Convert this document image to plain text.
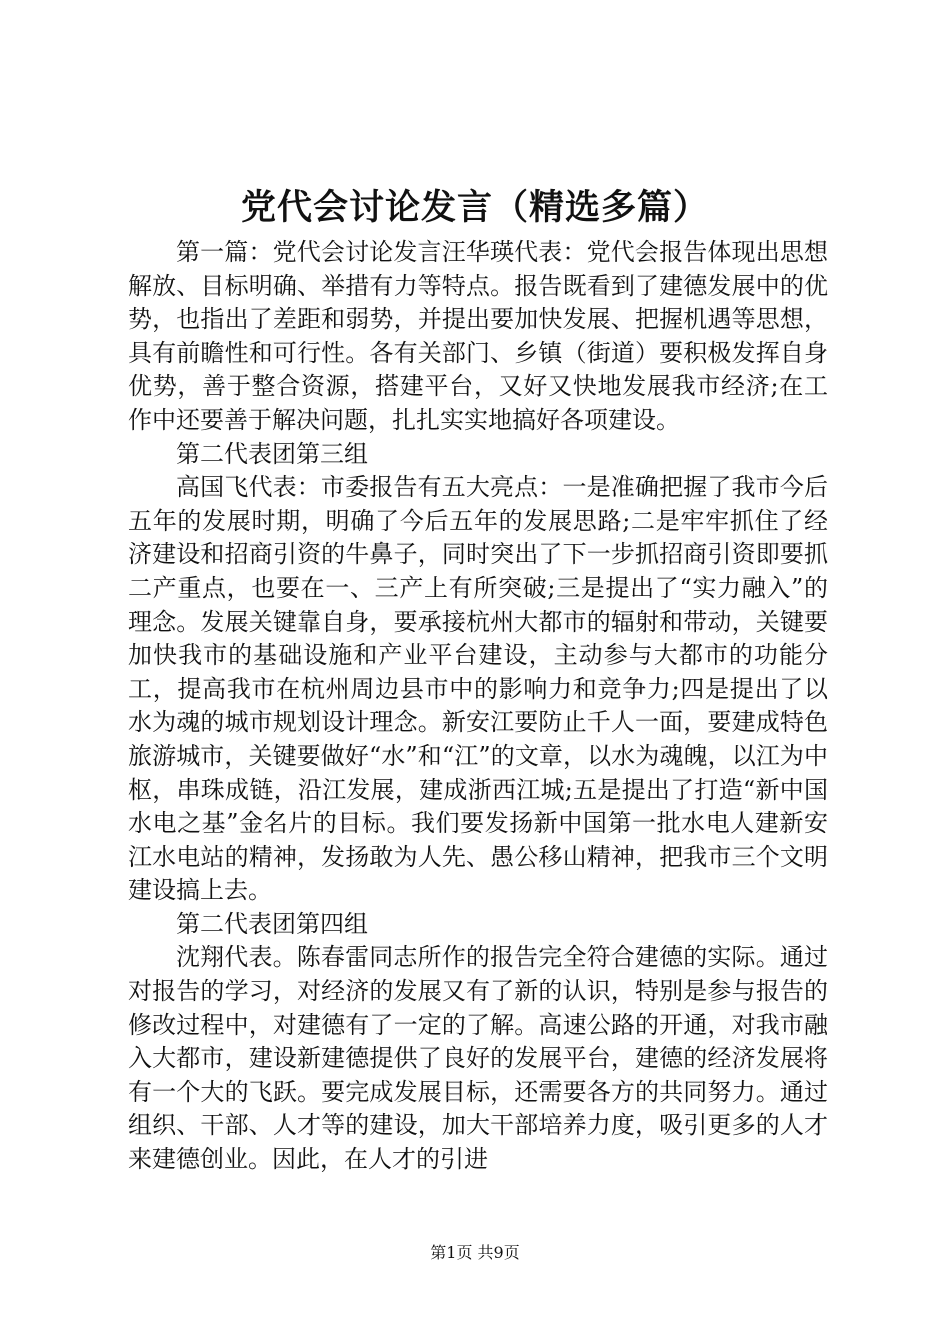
党代会讨论发言（精选多篇）

第一篇：党代会讨论发言汪华瑛代表：党代会报告体现出思想解放、目标明确、举措有力等特点。报告既看到了建德发展中的优势，也指出了差距和弱势，并提出要加快发展、把握机遇等思想，具有前瞻性和可行性。各有关部门、乡镇（街道）要积极发挥自身优势，善于整合资源，搭建平台，又好又快地发展我市经济;在工作中还要善于解决问题，扎扎实实地搞好各项建设。

第二代表团第三组

高国飞代表：市委报告有五大亮点：一是准确把握了我市今后五年的发展时期，明确了今后五年的发展思路;二是牢牢抓住了经济建设和招商引资的牛鼻子，同时突出了下一步抓招商引资即要抓二产重点，也要在一、三产上有所突破;三是提出了“实力融入”的理念。发展关键靠自身，要承接杭州大都市的辐射和带动，关键要加快我市的基础设施和产业平台建设，主动参与大都市的功能分工，提高我市在杭州周边县市中的影响力和竞争力;四是提出了以水为魂的城市规划设计理念。新安江要防止千人一面，要建成特色旅游城市，关键要做好“水”和“江”的文章，以水为魂魄，以江为中枢，串珠成链，沿江发展，建成浙西江城;五是提出了打造“新中国水电之基”金名片的目标。我们要发扬新中国第一批水电人建新安江水电站的精神，发扬敢为人先、愚公移山精神，把我市三个文明建设搞上去。

第二代表团第四组

沈翔代表。陈春雷同志所作的报告完全符合建德的实际。通过对报告的学习，对经济的发展又有了新的认识，特别是参与报告的修改过程中，对建德有了一定的了解。高速公路的开通，对我市融入大都市，建设新建德提供了良好的发展平台，建德的经济发展将有一个大的飞跃。要完成发展目标，还需要各方的共同努力。通过组织、干部、人才等的建设，加大干部培养力度，吸引更多的人才来建德创业。因此，在人才的引进

第1页 共9页
